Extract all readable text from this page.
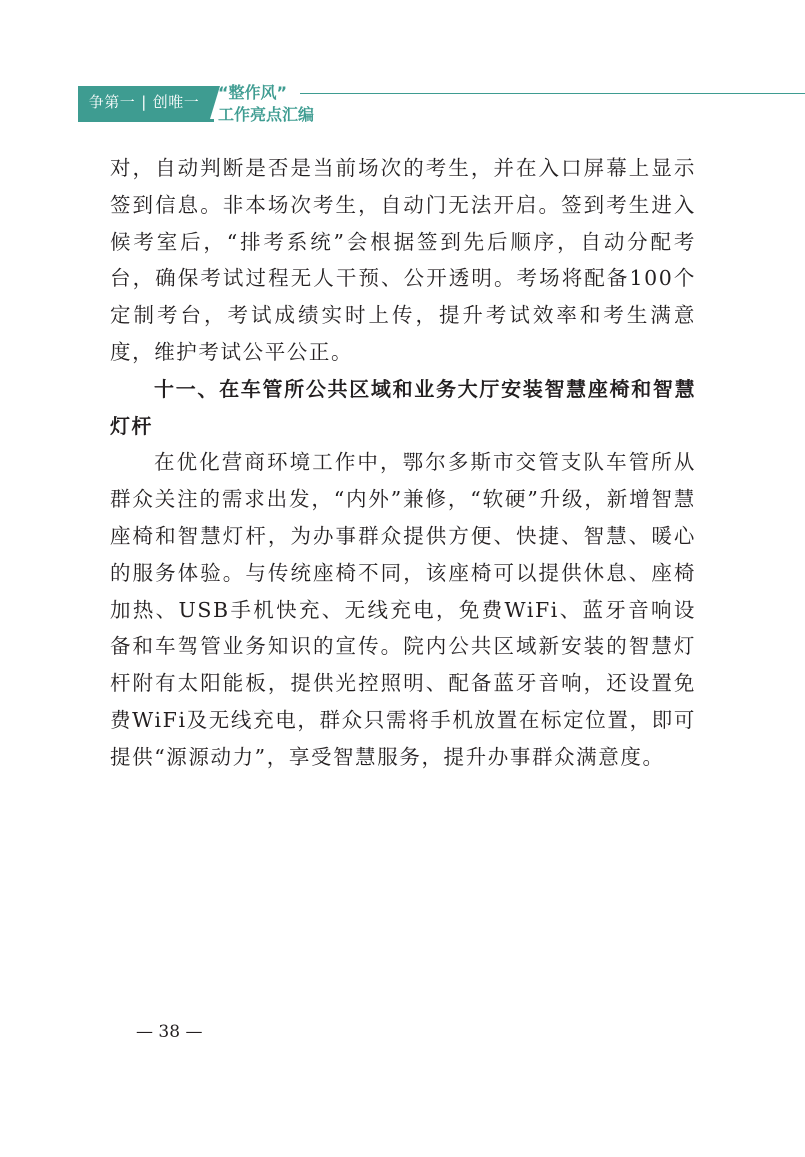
争第一 | 创唯一	“整作风”
工作亮点汇编

对，自动判断是否是当前场次的考生，并在入口屏幕上显示签到信息。非本场次考生，自动门无法开启。签到考生进入候考室后，“排考系统”会根据签到先后顺序，自动分配考台，确保考试过程无人干预、公开透明。考场将配备100个定制考台，考试成绩实时上传，提升考试效率和考生满意度，维护考试公平公正。

十一、在车管所公共区域和业务大厅安装智慧座椅和智慧灯杆

在优化营商环境工作中，鄂尔多斯市交管支队车管所从群众关注的需求出发，“内外”兼修，“软硬”升级，新增智慧座椅和智慧灯杆，为办事群众提供方便、快捷、智慧、暖心的服务体验。与传统座椅不同，该座椅可以提供休息、座椅加热、USB手机快充、无线充电，免费WiFi、蓝牙音响设备和车驾管业务知识的宣传。院内公共区域新安装的智慧灯杆附有太阳能板，提供光控照明、配备蓝牙音响，还设置免费WiFi及无线充电，群众只需将手机放置在标定位置，即可提供“源源动力”，享受智慧服务，提升办事群众满意度。

— 38 —
